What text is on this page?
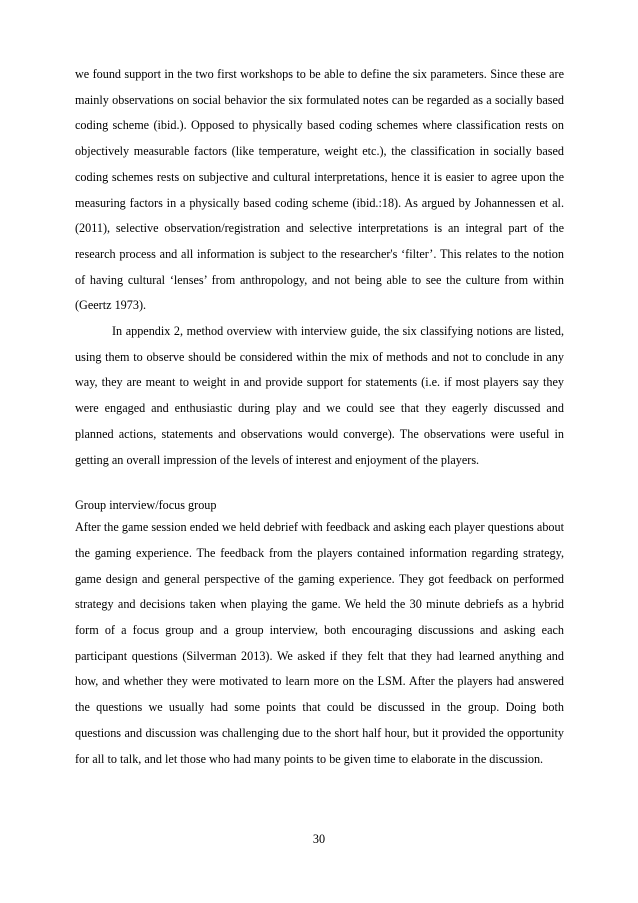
we found support in the two first workshops to be able to define the six parameters. Since these are mainly observations on social behavior the six formulated notes can be regarded as a socially based coding scheme (ibid.). Opposed to physically based coding schemes where classification rests on objectively measurable factors (like temperature, weight etc.), the classification in socially based coding schemes rests on subjective and cultural interpretations, hence it is easier to agree upon the measuring factors in a physically based coding scheme (ibid.:18). As argued by Johannessen et al. (2011), selective observation/registration and selective interpretations is an integral part of the research process and all information is subject to the researcher's ‘filter’. This relates to the notion of having cultural ‘lenses’ from anthropology, and not being able to see the culture from within (Geertz 1973).

In appendix 2, method overview with interview guide, the six classifying notions are listed, using them to observe should be considered within the mix of methods and not to conclude in any way, they are meant to weight in and provide support for statements (i.e. if most players say they were engaged and enthusiastic during play and we could see that they eagerly discussed and planned actions, statements and observations would converge). The observations were useful in getting an overall impression of the levels of interest and enjoyment of the players.

Group interview/focus group

After the game session ended we held debrief with feedback and asking each player questions about the gaming experience. The feedback from the players contained information regarding strategy, game design and general perspective of the gaming experience. They got feedback on performed strategy and decisions taken when playing the game. We held the 30 minute debriefs as a hybrid form of a focus group and a group interview, both encouraging discussions and asking each participant questions (Silverman 2013). We asked if they felt that they had learned anything and how, and whether they were motivated to learn more on the LSM. After the players had answered the questions we usually had some points that could be discussed in the group. Doing both questions and discussion was challenging due to the short half hour, but it provided the opportunity for all to talk, and let those who had many points to be given time to elaborate in the discussion.

30
